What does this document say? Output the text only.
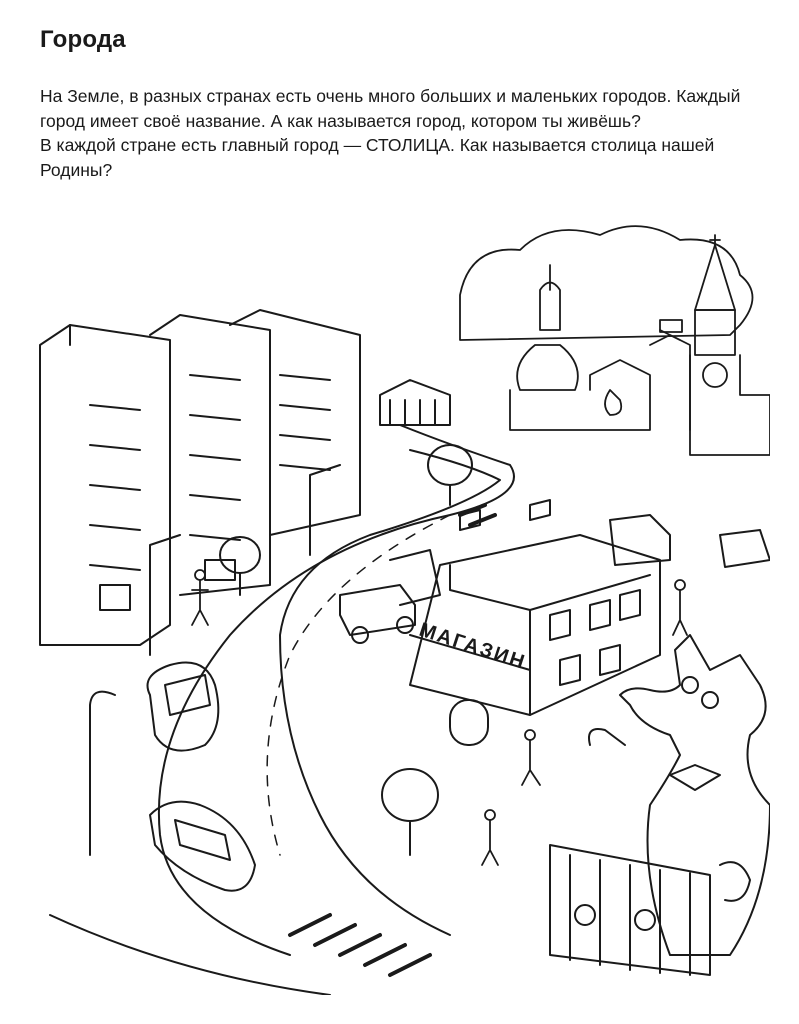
Города

На Земле, в разных странах есть очень много больших и маленьких городов. Каждый город имеет своё название. А как называется город, котором ты живёшь?

В каждой стране есть главный город — СТОЛИЦА. Как называется столица нашей Родины?

МАГАЗИН
